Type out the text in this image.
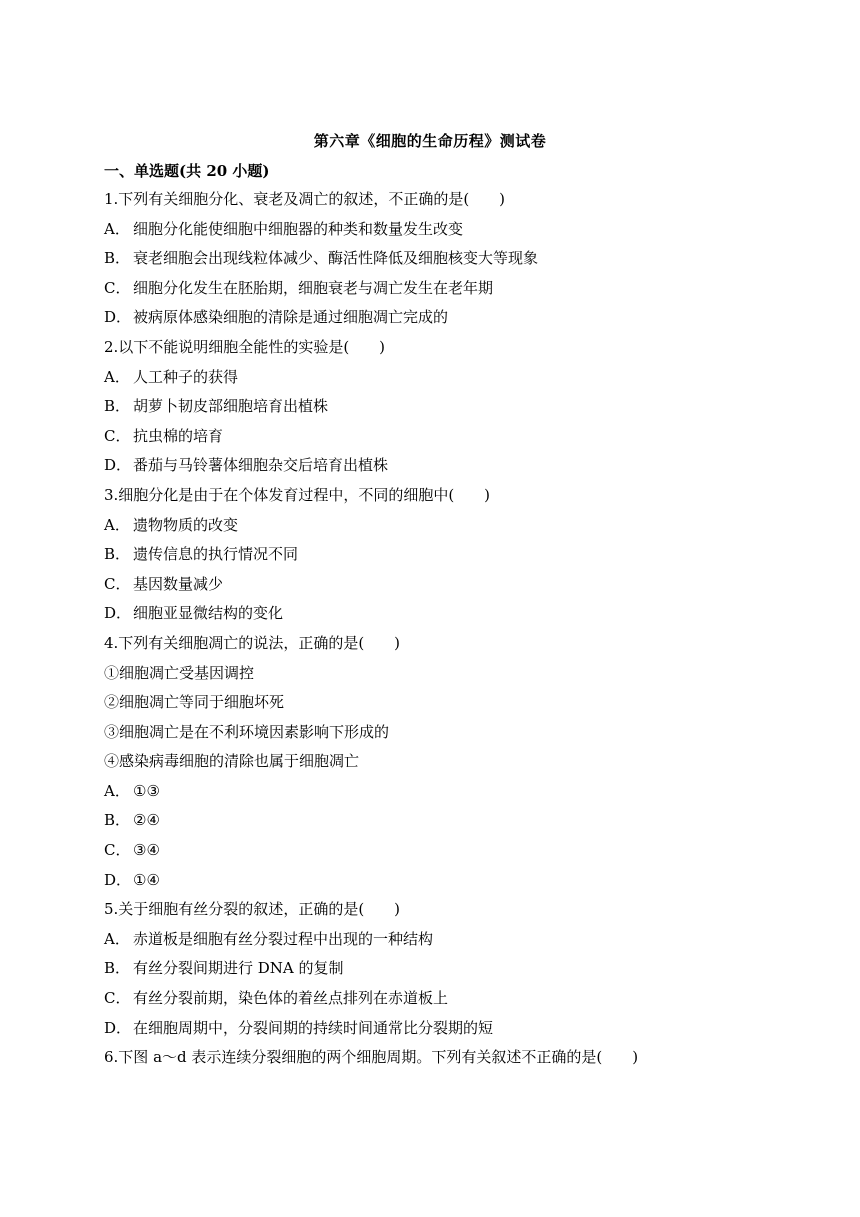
第六章《细胞的生命历程》测试卷
一、单选题(共 20 小题)
1.下列有关细胞分化、衰老及凋亡的叙述，不正确的是(　　)
A． 细胞分化能使细胞中细胞器的种类和数量发生改变
B． 衰老细胞会出现线粒体减少、酶活性降低及细胞核变大等现象
C． 细胞分化发生在胚胎期，细胞衰老与凋亡发生在老年期
D． 被病原体感染细胞的清除是通过细胞凋亡完成的
2.以下不能说明细胞全能性的实验是(　　)
A． 人工种子的获得
B． 胡萝卜韧皮部细胞培育出植株
C． 抗虫棉的培育
D． 番茄与马铃薯体细胞杂交后培育出植株
3.细胞分化是由于在个体发育过程中，不同的细胞中(　　)
A． 遗物物质的改变
B． 遗传信息的执行情况不同
C． 基因数量减少
D． 细胞亚显微结构的变化
4.下列有关细胞凋亡的说法，正确的是(　　)
①细胞凋亡受基因调控
②细胞凋亡等同于细胞坏死
③细胞凋亡是在不利环境因素影响下形成的
④感染病毒细胞的清除也属于细胞凋亡
A． ①③
B． ②④
C． ③④
D． ①④
5.关于细胞有丝分裂的叙述，正确的是(　　)
A． 赤道板是细胞有丝分裂过程中出现的一种结构
B． 有丝分裂间期进行 DNA 的复制
C． 有丝分裂前期，染色体的着丝点排列在赤道板上
D． 在细胞周期中，分裂间期的持续时间通常比分裂期的短
6.下图 a～d 表示连续分裂细胞的两个细胞周期。下列有关叙述不正确的是(　　)
